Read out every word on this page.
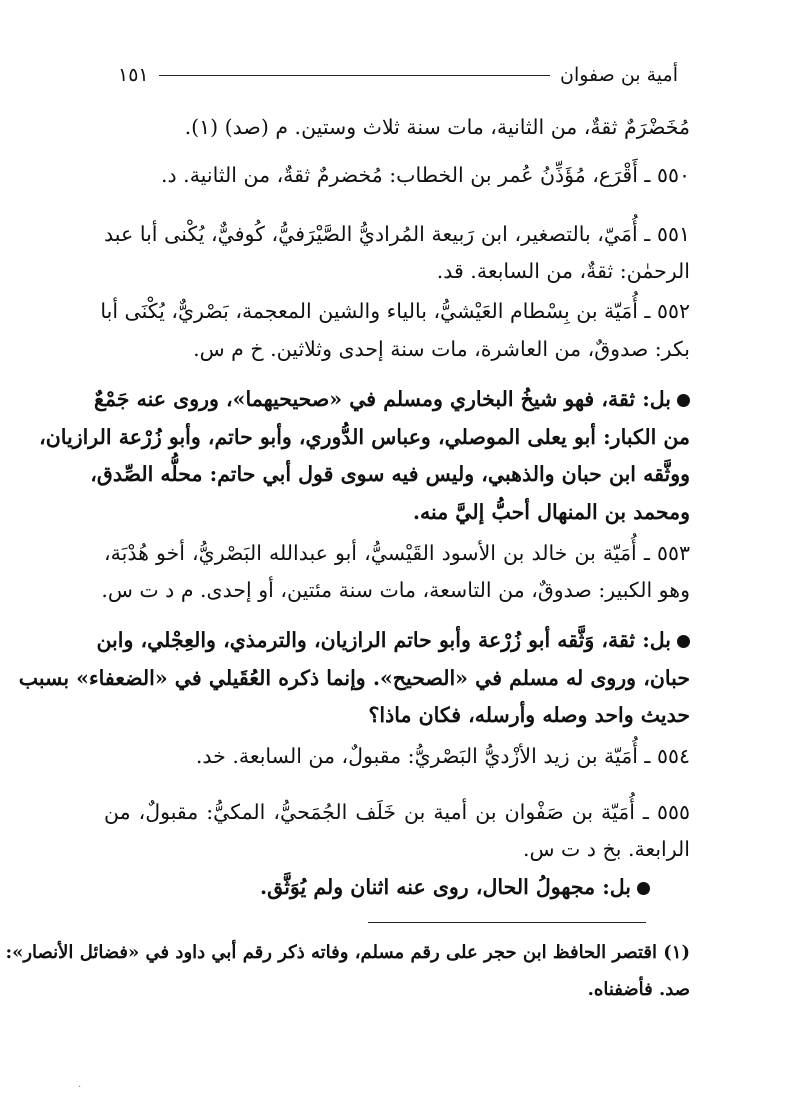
أمية بن صفوان
١٥١
مُخَضْرَمٌ ثقةٌ، من الثانية، مات سنة ثلاث وستين. م (صد) (١).
٥٥٠ ـ أَقْرَع، مُؤَذِّنُ عُمر بن الخطاب: مُخضرمٌ ثقةٌ، من الثانية. د.
٥٥١ ـ أُمَيّ، بالتصغير، ابن رَبيعة المُراديُّ الصَّيْرَفيُّ، كُوفيٌّ، يُكْنى أبا عبد
الرحمٰن: ثقةٌ، من السابعة. قد.
٥٥٢ ـ أُمَيّة بن بِسْطام العَيْشيُّ، بالياء والشين المعجمة، بَصْريٌّ، يُكْنَى أبا
بكر: صدوقٌ، من العاشرة، مات سنة إحدى وثلاثين. خ م س.
بل: ثقة، فهو شيخُ البخاري ومسلم في «صحيحيهما»، وروى عنه جَمْعٌ
من الكبار: أبو يعلى الموصلي، وعباس الدُّوري، وأبو حاتم، وأبو زُرْعة الرازيان،
ووثَّقه ابن حبان والذهبي، وليس فيه سوى قول أبي حاتم: محلُّه الصِّدق،
ومحمد بن المنهال أحبُّ إليَّ منه.
٥٥٣ ـ أُمَيّة بن خالد بن الأسود القَيْسيُّ، أبو عبدالله البَصْريُّ، أخو هُدْبَة،
وهو الكبير: صدوقٌ، من التاسعة، مات سنة مئتين، أو إحدى. م د ت س.
بل: ثقة، وَثَّقه أبو زُرْعة وأبو حاتم الرازيان، والترمذي، والعِجْلي، وابن
حبان، وروى له مسلم في «الصحيح». وإنما ذكره العُقَيلي في «الضعفاء» بسبب
حديث واحد وصله وأرسله، فكان ماذا؟
٥٥٤ ـ أُمَيّة بن زيد الأزْديُّ البَصْريُّ: مقبولٌ، من السابعة. خد.
٥٥٥ ـ أُمَيّة بن صَفْوان بن أمية بن خَلَف الجُمَحيُّ، المكيُّ: مقبولٌ، من
الرابعة. بخ د ت س.
بل: مجهولُ الحال، روى عنه اثنان ولم يُوَثَّق.
(١) اقتصر الحافظ ابن حجر على رقم مسلم، وفاته ذكر رقم أبي داود في «فضائل الأنصار»:
صد. فأضفناه.
·
